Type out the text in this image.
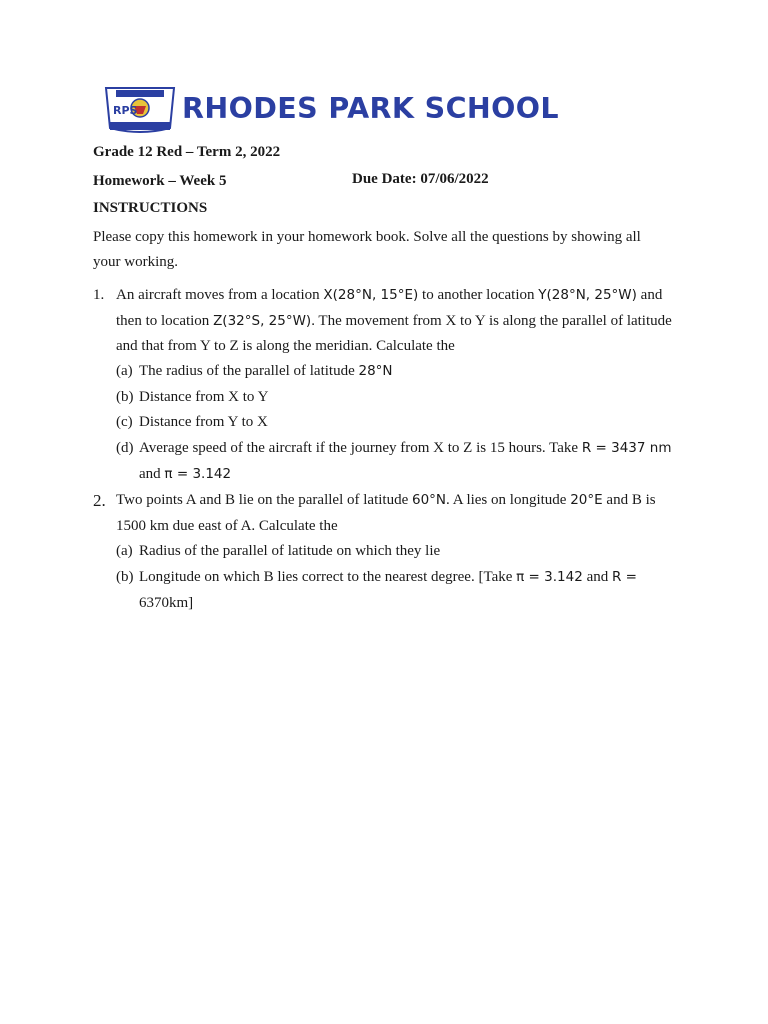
RPS RHODES PARK SCHOOL
Grade 12 Red – Term 2, 2022
Homework – Week 5	Due Date: 07/06/2022
INSTRUCTIONS
Please copy this homework in your homework book. Solve all the questions by showing all
your working.
1. An aircraft moves from a location X(28°N, 15°E) to another location Y(28°N, 25°W) and
then to location Z(32°S, 25°W). The movement from X to Y is along the parallel of latitude
and that from Y to Z is along the meridian. Calculate the
(a) The radius of the parallel of latitude 28°N
(b) Distance from X to Y
(c) Distance from Y to X
(d) Average speed of the aircraft if the journey from X to Z is 15 hours. Take R = 3437 nm
and π = 3.142
2. Two points A and B lie on the parallel of latitude 60°N. A lies on longitude 20°E and B is
1500 km due east of A. Calculate the
(a) Radius of the parallel of latitude on which they lie
(b) Longitude on which B lies correct to the nearest degree. [Take π = 3.142 and R =
6370km]
